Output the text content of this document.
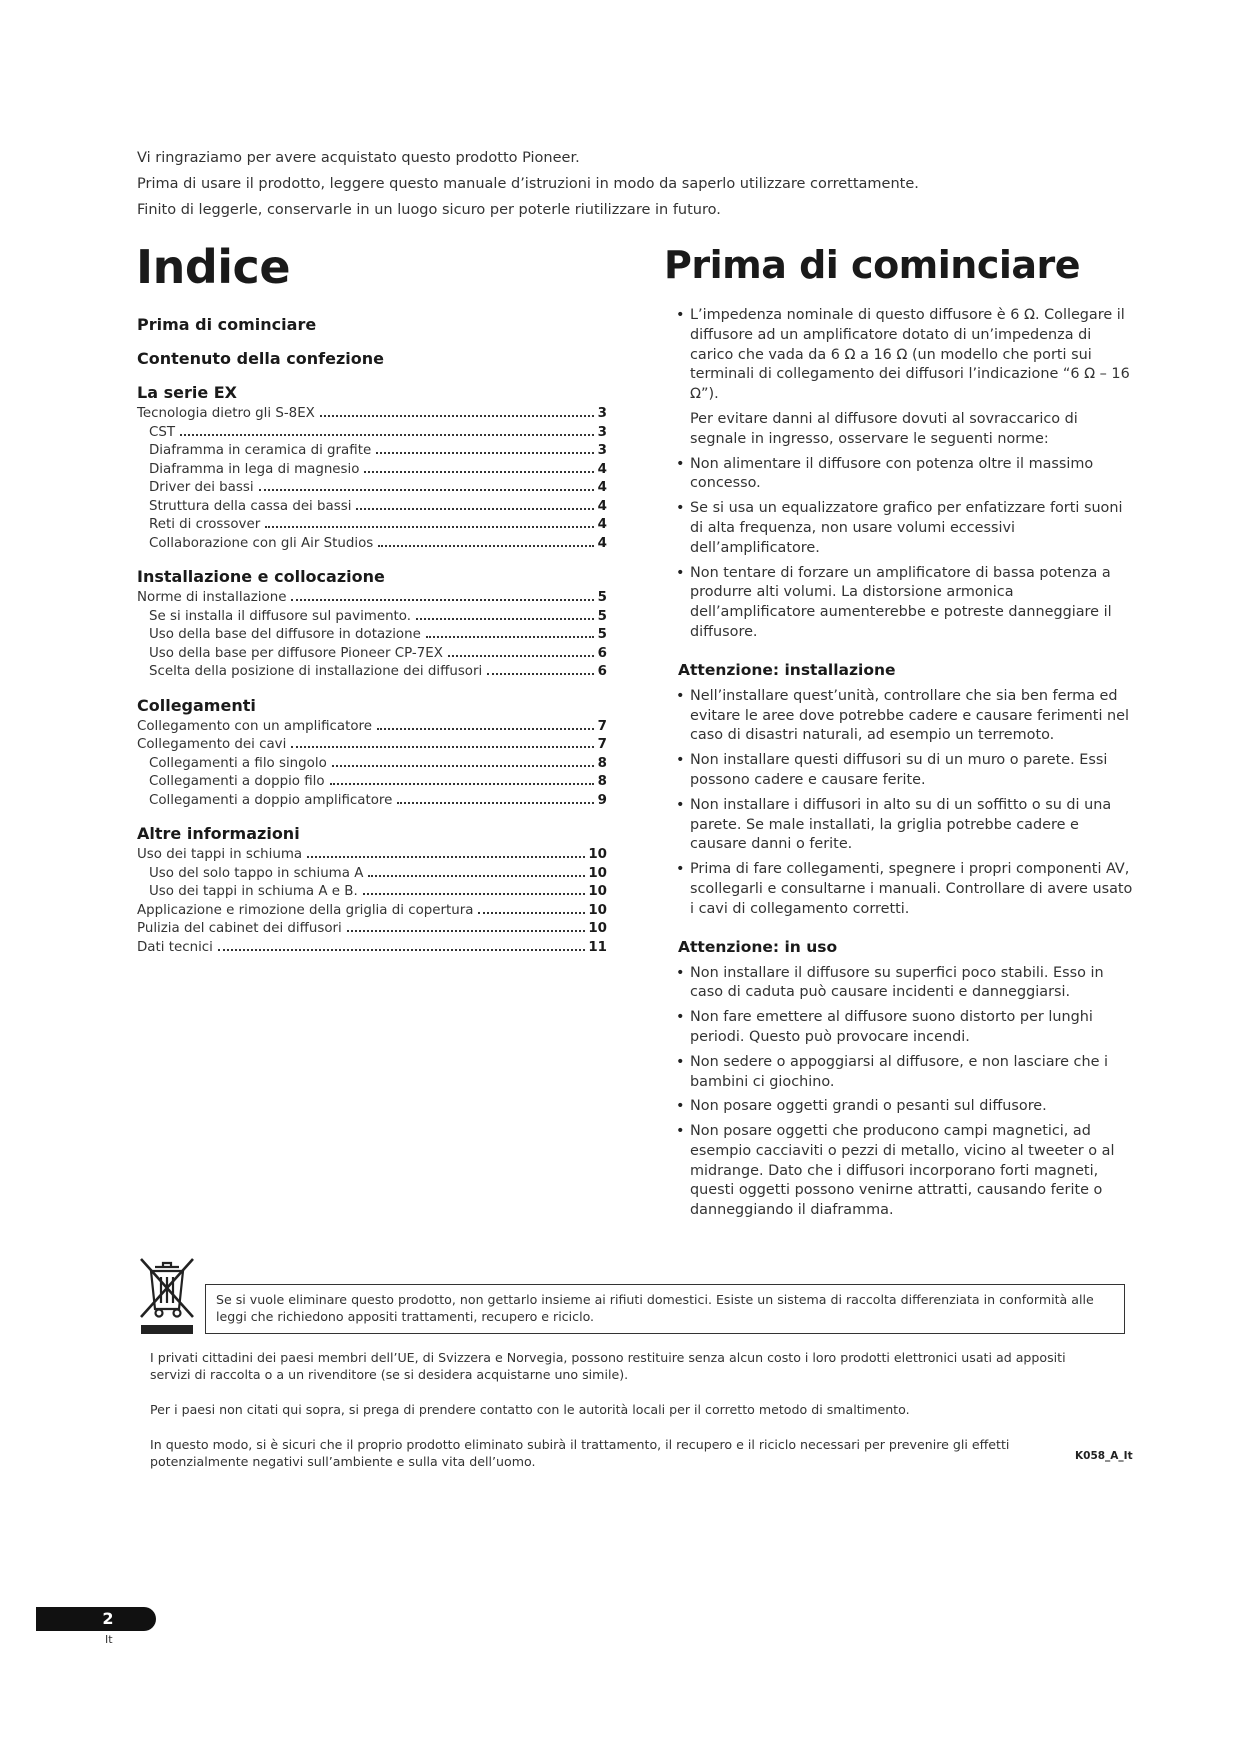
Vi ringraziamo per avere acquistato questo prodotto Pioneer.

Prima di usare il prodotto, leggere questo manuale d’istruzioni in modo da saperlo utilizzare correttamente.

Finito di leggerle, conservarle in un luogo sicuro per poterle riutilizzare in futuro.

Indice	Prima di cominciare
Prima di cominciare
Contenuto della confezione
La serie EX
Tecnologia dietro gli S-8EX	3
CST	3
Diaframma in ceramica di grafite	3
Diaframma in lega di magnesio	4
Driver dei bassi	4
Struttura della cassa dei bassi	4
Reti di crossover	4
Collaborazione con gli Air Studios	4
Installazione e collocazione
Norme di installazione	5
Se si installa il diffusore sul pavimento.	5
Uso della base del diffusore in dotazione	5
Uso della base per diffusore Pioneer CP-7EX	6
Scelta della posizione di installazione dei diffusori	6
Collegamenti
Collegamento con un amplificatore	7
Collegamento dei cavi	7
Collegamenti a filo singolo	8
Collegamenti a doppio filo	8
Collegamenti a doppio amplificatore	9
Altre informazioni
Uso dei tappi in schiuma	10
Uso del solo tappo in schiuma A	10
Uso dei tappi in schiuma A e B.	10
Applicazione e rimozione della griglia di copertura	10
Pulizia del cabinet dei diffusori	10
Dati tecnici	11
• L’impedenza nominale di questo diffusore è 6 Ω. Collegare il diffusore ad un amplificatore dotato di un’impedenza di carico che vada da 6 Ω a 16 Ω (un modello che porti sui terminali di collegamento dei diffusori l’indicazione “6 Ω – 16 Ω”).

Per evitare danni al diffusore dovuti al sovraccarico di segnale in ingresso, osservare le seguenti norme:

• Non alimentare il diffusore con potenza oltre il massimo concesso.
• Se si usa un equalizzatore grafico per enfatizzare forti suoni di alta frequenza, non usare volumi eccessivi dell’amplificatore.
• Non tentare di forzare un amplificatore di bassa potenza a produrre alti volumi. La distorsione armonica dell’amplificatore aumenterebbe e potreste danneggiare il diffusore.
Attenzione: installazione
• Nell’installare quest’unità, controllare che sia ben ferma ed evitare le aree dove potrebbe cadere e causare ferimenti nel caso di disastri naturali, ad esempio un terremoto.
• Non installare questi diffusori su di un muro o parete. Essi possono cadere e causare ferite.
• Non installare i diffusori in alto su di un soffitto o su di una parete. Se male installati, la griglia potrebbe cadere e causare danni o ferite.
• Prima di fare collegamenti, spegnere i propri componenti AV, scollegarli e consultarne i manuali. Controllare di avere usato i cavi di collegamento corretti.
Attenzione: in uso
• Non installare il diffusore su superfici poco stabili. Esso in caso di caduta può causare incidenti e danneggiarsi.
• Non fare emettere al diffusore suono distorto per lunghi periodi. Questo può provocare incendi.
• Non sedere o appoggiarsi al diffusore, e non lasciare che i bambini ci giochino.
• Non posare oggetti grandi o pesanti sul diffusore.
• Non posare oggetti che producono campi magnetici, ad esempio cacciaviti o pezzi di metallo, vicino al tweeter o al midrange. Dato che i diffusori incorporano forti magneti, questi oggetti possono venirne attratti, causando ferite o danneggiando il diaframma.
Se si vuole eliminare questo prodotto, non gettarlo insieme ai rifiuti domestici. Esiste un sistema di raccolta differenziata in conformità alle leggi che richiedono appositi trattamenti, recupero e riciclo.

I privati cittadini dei paesi membri dell’UE, di Svizzera e Norvegia, possono restituire senza alcun costo i loro prodotti elettronici usati ad appositi servizi di raccolta o a un rivenditore (se si desidera acquistarne uno simile).

Per i paesi non citati qui sopra, si prega di prendere contatto con le autorità locali per il corretto metodo di smaltimento.

In questo modo, si è sicuri che il proprio prodotto eliminato subirà il trattamento, il recupero e il riciclo necessari per prevenire gli effetti potenzialmente negativi sull’ambiente e sulla vita dell’uomo.	K058_A_It
2
It
